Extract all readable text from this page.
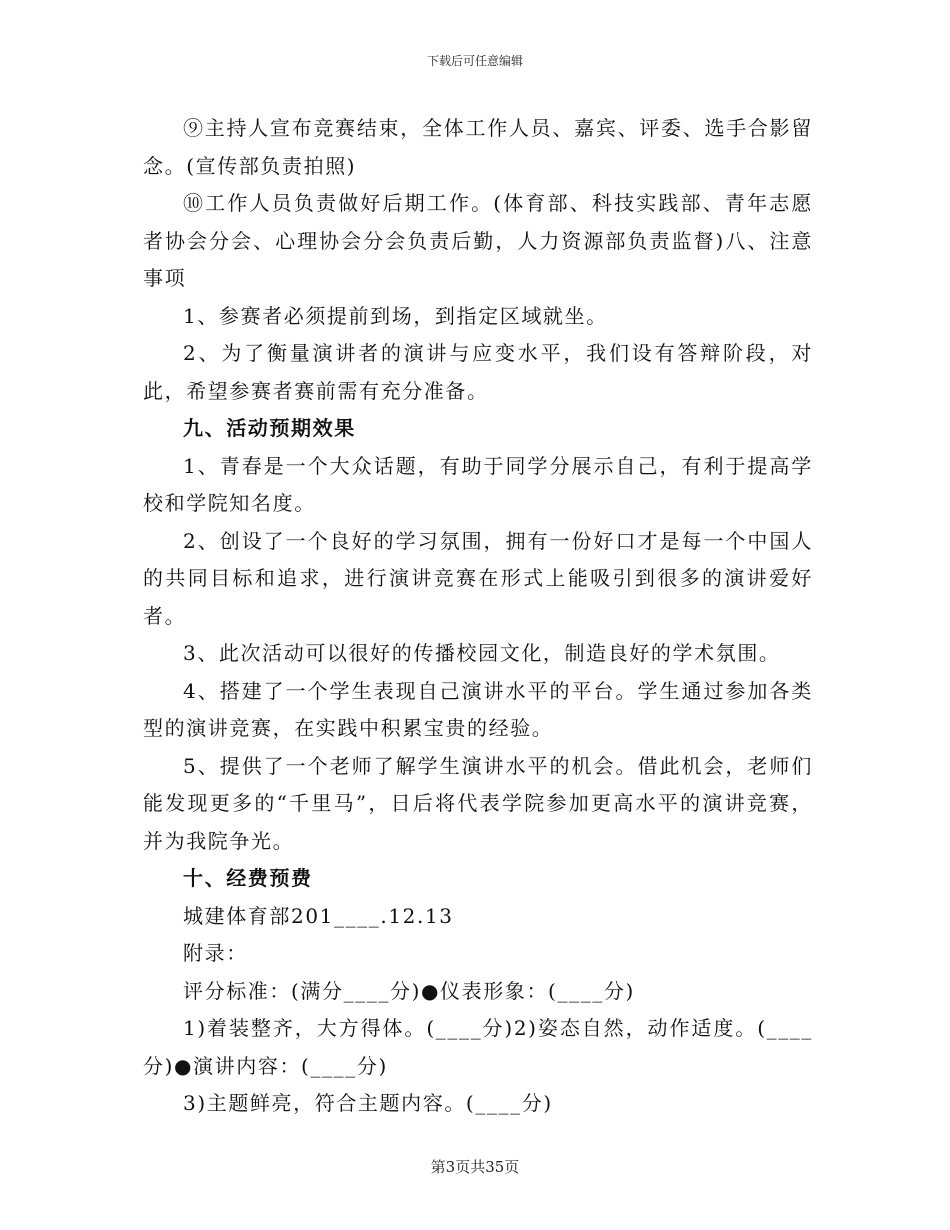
下载后可任意编辑

⑨主持人宣布竞赛结束，全体工作人员、嘉宾、评委、选手合影留念。(宣传部负责拍照)

⑩工作人员负责做好后期工作。(体育部、科技实践部、青年志愿者协会分会、心理协会分会负责后勤，人力资源部负责监督)八、注意事项

1、参赛者必须提前到场，到指定区域就坐。

2、为了衡量演讲者的演讲与应变水平，我们设有答辩阶段，对此，希望参赛者赛前需有充分准备。

九、活动预期效果

1、青春是一个大众话题，有助于同学分展示自己，有利于提高学校和学院知名度。

2、创设了一个良好的学习氛围，拥有一份好口才是每一个中国人的共同目标和追求，进行演讲竞赛在形式上能吸引到很多的演讲爱好者。

3、此次活动可以很好的传播校园文化，制造良好的学术氛围。

4、搭建了一个学生表现自己演讲水平的平台。学生通过参加各类型的演讲竞赛，在实践中积累宝贵的经验。

5、提供了一个老师了解学生演讲水平的机会。借此机会，老师们能发现更多的“千里马”，日后将代表学院参加更高水平的演讲竞赛，并为我院争光。

十、经费预费

城建体育部201____.12.13

附录：

评分标准：(满分____分)●仪表形象：(____分)

1)着装整齐，大方得体。(____分)2)姿态自然，动作适度。(____分)●演讲内容：(____分)

3)主题鲜亮，符合主题内容。(____分)

第3页共35页
